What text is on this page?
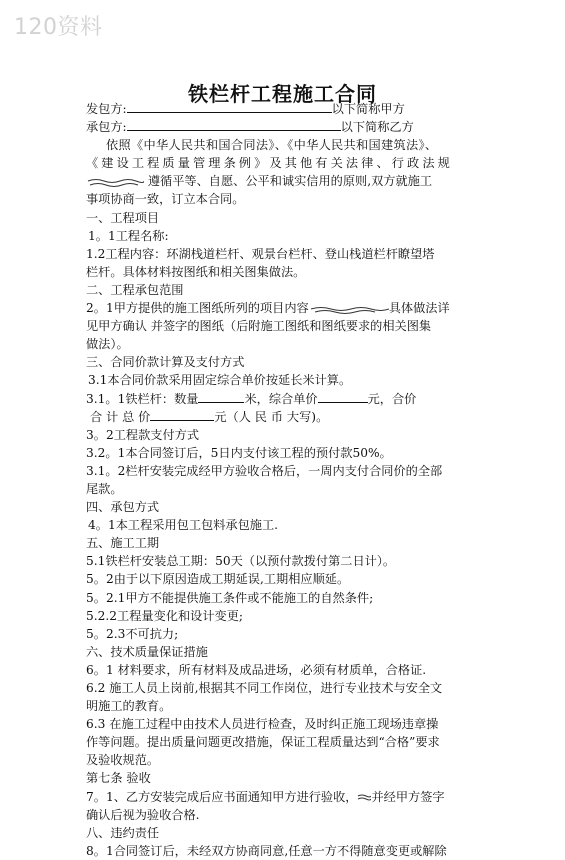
120资料
铁栏杆工程施工合同

发包方:	以下简称甲方

承包方:	以下简称乙方

依照《中华人民共和国合同法》、《中华人民共和国建筑法》、

《建设工程质量管理条例》及其他有关法律、行政法规

遵循平等、自愿、公平和诚实信用的原则,双方就施工

事项协商一致，订立本合同。

一、工程项目

1。1工程名称:

1.2工程内容：环湖栈道栏杆、观景台栏杆、登山栈道栏杆瞭望塔

栏杆。具体材料按图纸和相关图集做法。

二、工程承包范围

2。1甲方提供的施工图纸所列的项目内容	具体做法详

见甲方确认 并签字的图纸（后附施工图纸和图纸要求的相关图集

做法）。

三、合同价款计算及支付方式

3.1本合同价款采用固定综合单价按延长米计算。

3.1。1铁栏杆：数量	米，综合单价	元，合价

合 计 总 价	元（人 民 币 大写)。

3。2工程款支付方式

3.2。1本合同签订后，5日内支付该工程的预付款50%。

3.1。2栏杆安装完成经甲方验收合格后，一周内支付合同价的全部

尾款。

四、承包方式

4。1本工程采用包工包料承包施工.

五、施工工期

5.1铁栏杆安装总工期：50天（以预付款拨付第二日计）。

5。2由于以下原因造成工期延误,工期相应顺延。

5。2.1甲方不能提供施工条件或不能施工的自然条件;

5.2.2工程量变化和设计变更;

5。2.3不可抗力;

六、技术质量保证措施

6。1 材料要求，所有材料及成品进场，必须有材质单，合格证.

6.2 施工人员上岗前,根据其不同工作岗位，进行专业技术与安全文

明施工的教育。

6.3 在施工过程中由技术人员进行检查，及时纠正施工现场违章操

作等问题。提出质量问题更改措施，保证工程质量达到“合格”要求

及验收规范。

第七条 验收

7。1、乙方安装完成后应书面通知甲方进行验收， 并经甲方签字

确认后视为验收合格.

八、违约责任

8。1合同签订后，未经双方协商同意,任意一方不得随意变更或解除
